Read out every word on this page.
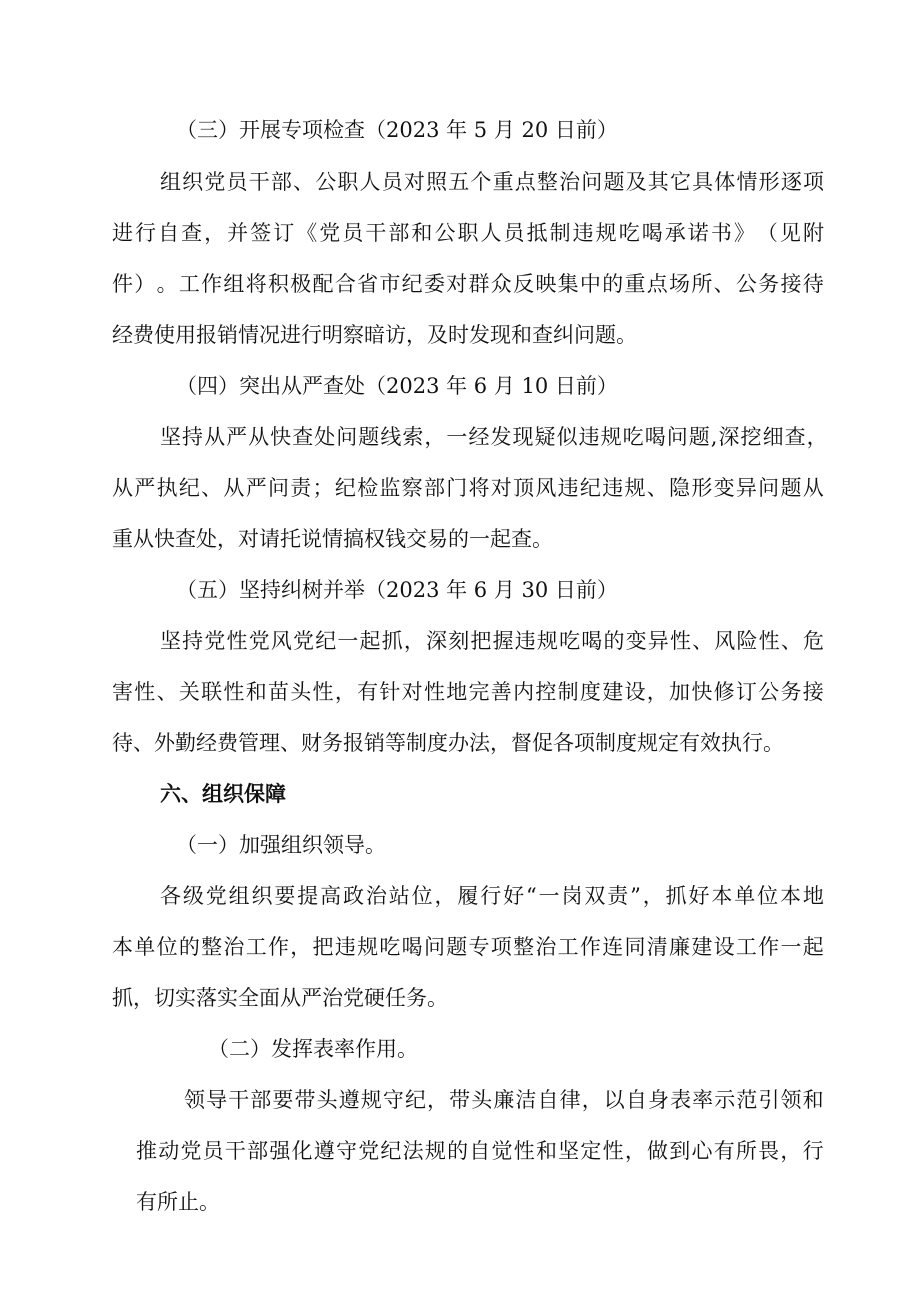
（三）开展专项检查（2023 年 5 月 20 日前）

组 织 党 员 干 部 、 公 职 人 员 对 照 五 个 重 点 整 治 问 题 及 其 它 具 体 情 形 逐 项

进 行 自 查 ， 并 签 订 《 党 员 干 部 和 公 职 人 员 抵 制 违 规 吃 喝 承 诺 书 》 （ 见 附

件 ） 。 工 作 组 将 积 极 配 合 省 市 纪 委 对 群 众 反 映 集 中 的 重 点 场 所 、 公 务 接 待

经费使用报销情况进行明察暗访，及时发现和查纠问题。

（四）突出从严查处（2023 年 6 月 10 日前）

坚 持 从 严 从 快 查 处 问 题 线 索 ， 一 经 发 现 疑 似 违 规 吃 喝 问 题 , 深 挖 细 查 ，

从 严 执 纪 、 从 严 问 责 ； 纪 检 监 察 部 门 将 对 顶 风 违 纪 违 规 、 隐 形 变 异 问 题 从

重从快查处，对请托说情搞权钱交易的一起查。

（五）坚持纠树并举（2023 年 6 月 30 日前）

坚 持 党 性 党 风 党 纪 一 起 抓 ， 深 刻 把 握 违 规 吃 喝 的 变 异 性 、 风 险 性 、 危

害 性 、 关 联 性 和 苗 头 性 ， 有 针 对 性 地 完 善 内 控 制 度 建 设 ， 加 快 修 订 公 务 接

待、外勤经费管理、财务报销等制度办法，督促各项制度规定有效执行。

六、组织保障

（一）加强组织领导。

各 级 党 组 织 要 提 高 政 治 站 位 ， 履 行 好 “ 一 岗 双 责 ” ， 抓 好 本 单 位 本 地

本 单 位 的 整 治 工 作 ， 把 违 规 吃 喝 问 题 专 项 整 治 工 作 连 同 清 廉 建 设 工 作 一 起

抓，切实落实全面从严治党硬任务。

（二）发挥表率作用。

领 导 干 部 要 带 头 遵 规 守 纪 ， 带 头 廉 洁 自 律 ， 以 自 身 表 率 示 范 引 领 和

推 动 党 员 干 部 强 化 遵 守 党 纪 法 规 的 自 觉 性 和 坚 定 性 ， 做 到 心 有 所 畏 ， 行

有所止。
